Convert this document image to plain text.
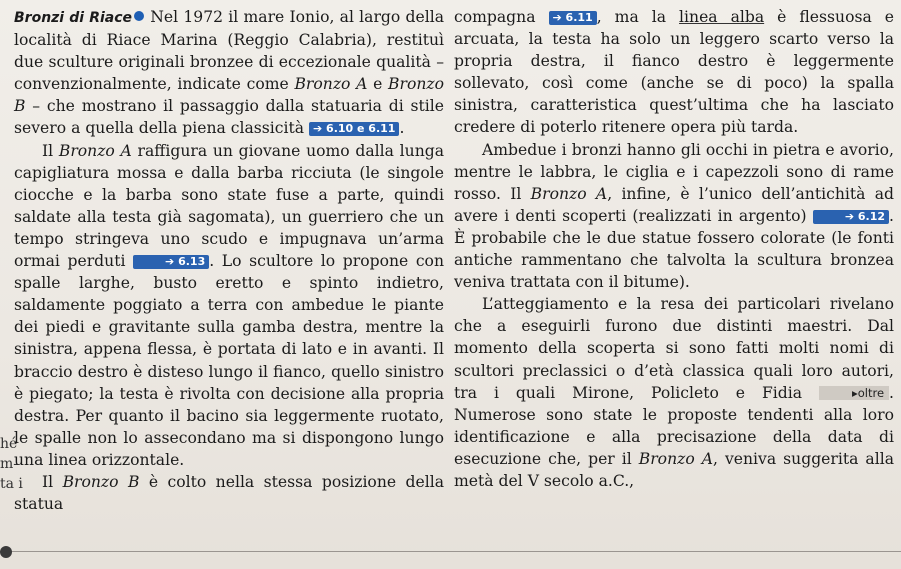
hé
m-
ta i

Bronzi di Riace Nel 1972 il mare Ionio, al largo della località di Riace Marina (Reggio Calabria), restituì due sculture originali bronzee di eccezionale qualità – convenzionalmente, indicate come Bronzo A e Bronzo B – che mostrano il passaggio dalla statuaria di stile severo a quella della piena classicità ➔ 6.10 e 6.11 .

Il Bronzo A raffigura un giovane uomo dalla lunga capigliatura mossa e dalla barba ricciuta (le singole ciocche e la barba sono state fuse a parte, quindi saldate alla testa già sagomata), un guerriero che un tempo stringeva uno scudo e impugnava un’arma ormai perduti	➔ 6.13 . Lo scultore lo propone con spalle larghe, busto eretto e spinto indietro, saldamente poggiato a terra con ambedue le piante dei piedi e gravitante sulla gamba destra, mentre la sinistra, appena flessa, è portata di lato e in avanti. Il braccio destro è disteso lungo il fianco, quello sinistro è piegato; la testa è rivolta con decisione alla propria destra. Per quanto il bacino sia leggermente ruotato, le spalle non lo assecondano ma si dispongono lungo una linea orizzontale.

Il Bronzo B è colto nella stessa posizione della statua

compagna ➔ 6.11 , ma la linea alba è flessuosa e arcuata, la testa ha solo un leggero scarto verso la propria destra, il fianco destro è leggermente sollevato, così come (anche se di poco) la spalla sinistra, caratteristica quest’ultima che ha lasciato credere di poterlo ritenere opera più tarda.

Ambedue i bronzi hanno gli occhi in pietra e avorio, mentre le labbra, le ciglia e i capezzoli sono di rame rosso. Il Bronzo A, infine, è l’unico dell’antichità ad avere i denti scoperti (realizzati in argento)	➔ 6.12 . È probabile che le due statue fossero colorate (le fonti antiche rammentano che talvolta la scultura bronzea veniva trattata con il bitume).

L’atteggiamento e la resa dei particolari rivelano che a eseguirli furono due distinti maestri. Dal momento della scoperta si sono fatti molti nomi di scultori preclassici o d’età classica quali loro autori, tra i quali Mirone, Policleto e Fidia	▸oltre . Numerose sono state le proposte tendenti alla loro identificazione e alla precisazione della data di esecuzione che, per il Bronzo A, veniva suggerita alla metà del V secolo a.C.,
